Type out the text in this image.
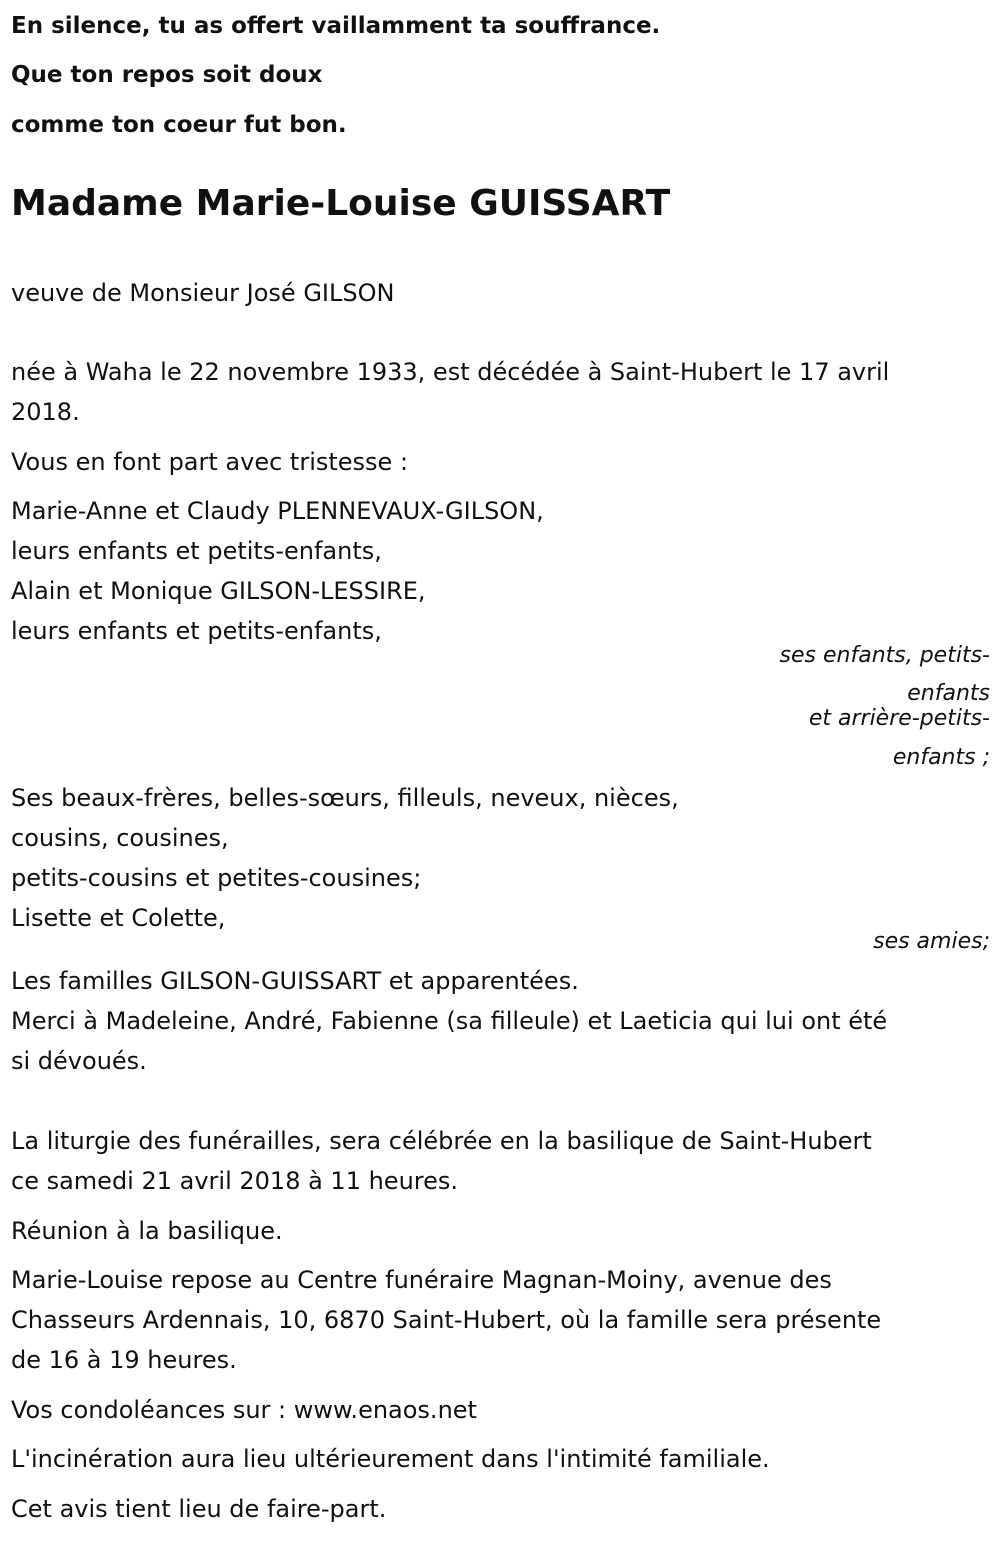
En silence, tu as offert vaillamment ta souffrance.
Que ton repos soit doux
comme ton coeur fut bon.
Madame Marie-Louise GUISSART
veuve de Monsieur José GILSON
née à Waha le 22 novembre 1933, est décédée à Saint-Hubert le 17 avril
2018.
Vous en font part avec tristesse :
Marie-Anne et Claudy PLENNEVAUX-GILSON,
leurs enfants et petits-enfants,
Alain et Monique GILSON-LESSIRE,
leurs enfants et petits-enfants,
ses enfants, petits-
enfants
et arrière-petits-
enfants ;
Ses beaux-frères, belles-sœurs, filleuls, neveux, nièces,
cousins, cousines,
petits-cousins et petites-cousines;
Lisette et Colette,
ses amies;
Les familles GILSON-GUISSART et apparentées.
Merci à Madeleine, André, Fabienne (sa filleule) et Laeticia qui lui ont été
si dévoués.
La liturgie des funérailles, sera célébrée en la basilique de Saint-Hubert
ce samedi 21 avril 2018 à 11 heures.
Réunion à la basilique.
Marie-Louise repose au Centre funéraire Magnan-Moiny, avenue des
Chasseurs Ardennais, 10, 6870 Saint-Hubert, où la famille sera présente
de 16 à 19 heures.
Vos condoléances sur : www.enaos.net
L'incinération aura lieu ultérieurement dans l'intimité familiale.
Cet avis tient lieu de faire-part.
